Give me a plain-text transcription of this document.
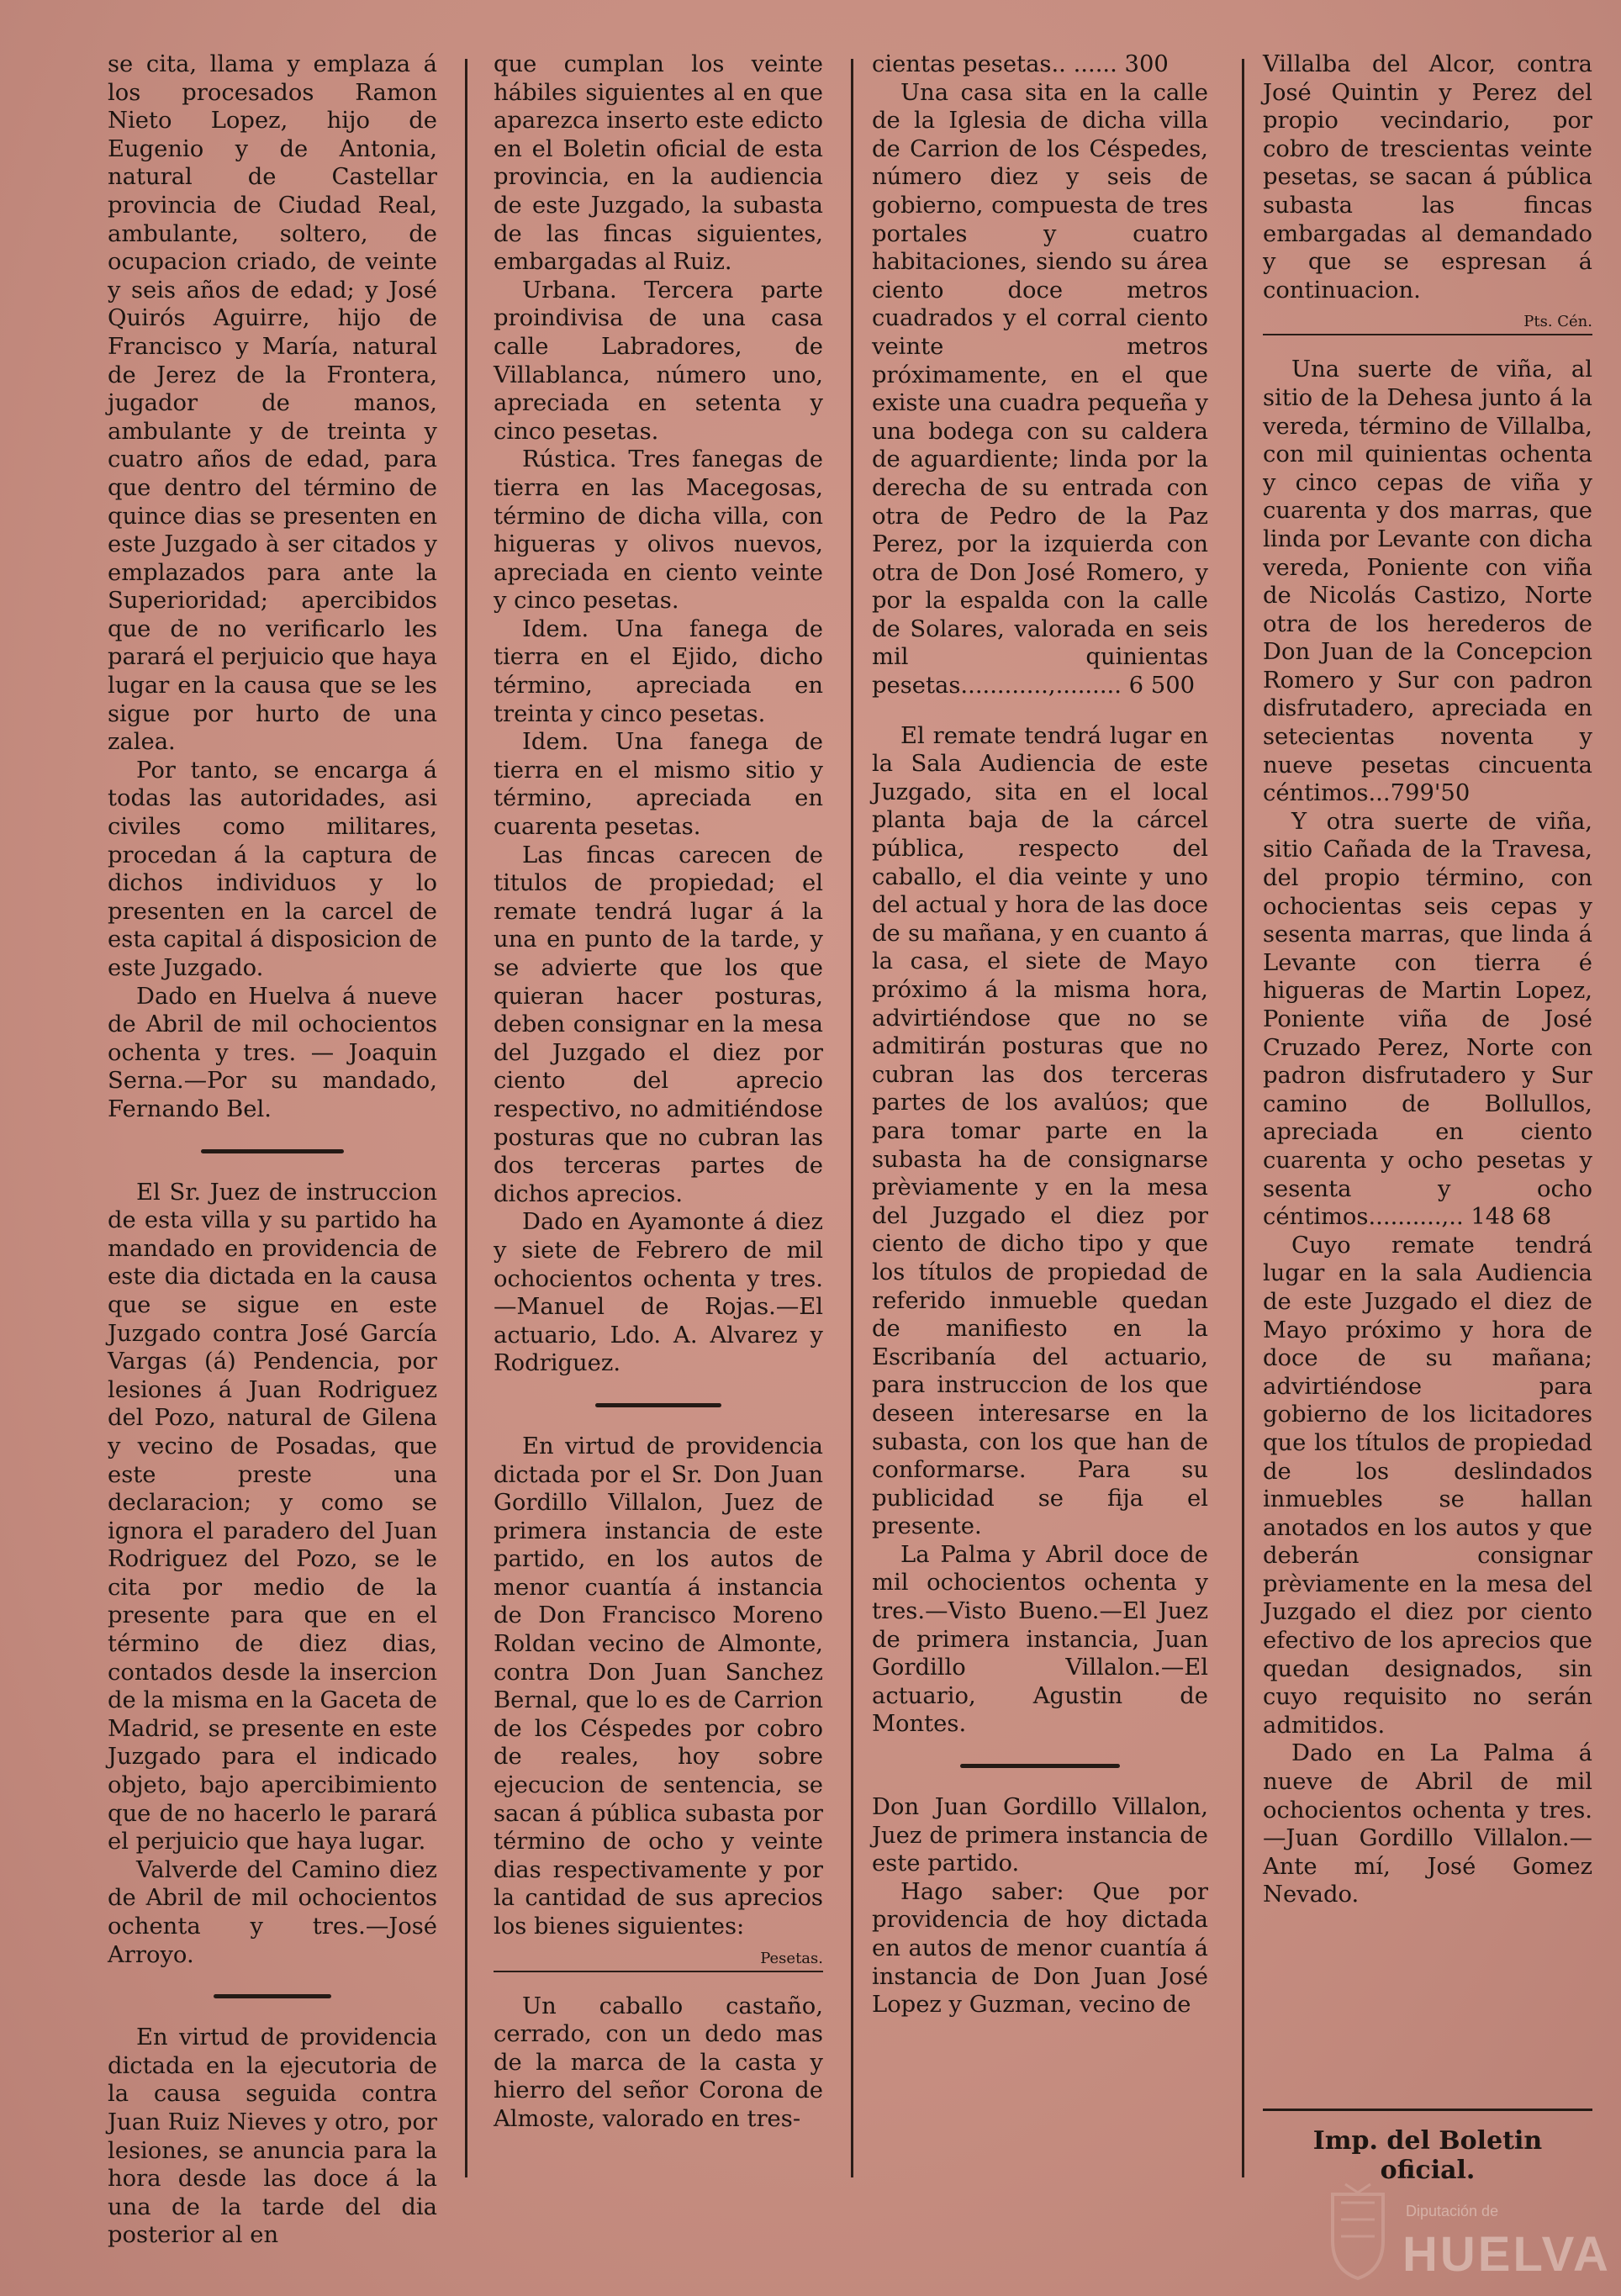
se cita, llama y emplaza á los procesados Ramon Nieto Lopez, hijo de Eugenio y de Antonia, natural de Castellar provincia de Ciudad Real, ambulante, soltero, de ocupacion criado, de veinte y seis años de edad; y José Quirós Aguirre, hijo de Francisco y María, natural de Jerez de la Frontera, jugador de manos, ambulante y de treinta y cuatro años de edad, para que dentro del término de quince dias se presenten en este Juzgado à ser citados y emplazados para ante la Superioridad; apercibidos que de no verificarlo les parará el perjuicio que haya lugar en la causa que se les sigue por hurto de una zalea.

Por tanto, se encarga á todas las autoridades, asi civiles como militares, procedan á la captura de dichos individuos y lo presenten en la carcel de esta capital á disposicion de este Juzgado.

Dado en Huelva á nueve de Abril de mil ochocientos ochenta y tres. — Joaquin Serna.—Por su mandado, Fernando Bel.

El Sr. Juez de instruccion de esta villa y su partido ha mandado en providencia de este dia dictada en la causa que se sigue en este Juzgado contra José García Vargas (á) Pendencia, por lesiones á Juan Rodriguez del Pozo, natural de Gilena y vecino de Posadas, que este preste una declaracion; y como se ignora el paradero del Juan Rodriguez del Pozo, se le cita por medio de la presente para que en el término de diez dias, contados desde la insercion de la misma en la Gaceta de Madrid, se presente en este Juzgado para el indicado objeto, bajo apercibimiento que de no hacerlo le parará el perjuicio que haya lugar.

Valverde del Camino diez de Abril de mil ochocientos ochenta y tres.—José Arroyo.

En virtud de providencia dictada en la ejecutoria de la causa seguida contra Juan Ruiz Nieves y otro, por lesiones, se anuncia para la hora desde las doce á la una de la tarde del dia posterior al en

que cumplan los veinte hábiles siguientes al en que aparezca inserto este edicto en el Boletin oficial de esta provincia, en la audiencia de este Juzgado, la subasta de las fincas siguientes, embargadas al Ruiz.

Urbana. Tercera parte proindivisa de una casa calle Labradores, de Villablanca, número uno, apreciada en setenta y cinco pesetas.

Rústica. Tres fanegas de tierra en las Macegosas, término de dicha villa, con higueras y olivos nuevos, apreciada en ciento veinte y cinco pesetas.

Idem. Una fanega de tierra en el Ejido, dicho término, apreciada en treinta y cinco pesetas.

Idem. Una fanega de tierra en el mismo sitio y término, apreciada en cuarenta pesetas.

Las fincas carecen de titulos de propiedad; el remate tendrá lugar á la una en punto de la tarde, y se advierte que los que quieran hacer posturas, deben consignar en la mesa del Juzgado el diez por ciento del aprecio respectivo, no admitiéndose posturas que no cubran las dos terceras partes de dichos aprecios.

Dado en Ayamonte á diez y siete de Febrero de mil ochocientos ochenta y tres.—Manuel de Rojas.—El actuario, Ldo. A. Alvarez y Rodriguez.

En virtud de providencia dictada por el Sr. Don Juan Gordillo Villalon, Juez de primera instancia de este partido, en los autos de menor cuantía á instancia de Don Francisco Moreno Roldan vecino de Almonte, contra Don Juan Sanchez Bernal, que lo es de Carrion de los Céspedes por cobro de reales, hoy sobre ejecucion de sentencia, se sacan á pública subasta por término de ocho y veinte dias respectivamente y por la cantidad de sus aprecios los bienes siguientes:

Pesetas.

Un caballo castaño, cerrado, con un dedo mas de la marca de la casta y hierro del señor Corona de Almoste, valorado en tres-

cientas pesetas.. ...... 300

Una casa sita en la calle de la Iglesia de dicha villa de Carrion de los Céspedes, número diez y seis de gobierno, compuesta de tres portales y cuatro habitaciones, siendo su área ciento doce metros cuadrados y el corral ciento veinte metros próximamente, en el que existe una cuadra pequeña y una bodega con su caldera de aguardiente; linda por la derecha de su entrada con otra de Pedro de la Paz Perez, por la izquierda con otra de Don José Romero, y por la espalda con la calle de Solares, valorada en seis mil quinientas pesetas............,......... 6 500

El remate tendrá lugar en la Sala Audiencia de este Juzgado, sita en el local planta baja de la cárcel pública, respecto del caballo, el dia veinte y uno del actual y hora de las doce de su mañana, y en cuanto á la casa, el siete de Mayo próximo á la misma hora, advirtiéndose que no se admitirán posturas que no cubran las dos terceras partes de los avalúos; que para tomar parte en la subasta ha de consignarse prèviamente y en la mesa del Juzgado el diez por ciento de dicho tipo y que los títulos de propiedad de referido inmueble quedan de manifiesto en la Escribanía del actuario, para instruccion de los que deseen interesarse en la subasta, con los que han de conformarse. Para su publicidad se fija el presente.

La Palma y Abril doce de mil ochocientos ochenta y tres.—Visto Bueno.—El Juez de primera instancia, Juan Gordillo Villalon.—El actuario, Agustin de Montes.

Don Juan Gordillo Villalon, Juez de primera instancia de este partido.

Hago saber: Que por providencia de hoy dictada en autos de menor cuantía á instancia de Don Juan José Lopez y Guzman, vecino de

Villalba del Alcor, contra José Quintin y Perez del propio vecindario, por cobro de trescientas veinte pesetas, se sacan á pública subasta las fincas embargadas al demandado y que se espresan á continuacion.

Pts. Cén.

Una suerte de viña, al sitio de la Dehesa junto á la vereda, término de Villalba, con mil quinientas ochenta y cinco cepas de viña y cuarenta y dos marras, que linda por Levante con dicha vereda, Poniente con viña de Nicolás Castizo, Norte otra de los herederos de Don Juan de la Concepcion Romero y Sur con padron disfrutadero, apreciada en setecientas noventa y nueve pesetas cincuenta céntimos...799'50

Y otra suerte de viña, sitio Cañada de la Travesa, del propio término, con ochocientas seis cepas y sesenta marras, que linda á Levante con tierra é higueras de Martin Lopez, Poniente viña de José Cruzado Perez, Norte con padron disfrutadero y Sur camino de Bollullos, apreciada en ciento cuarenta y ocho pesetas y sesenta y ocho céntimos..........,.. 148 68

Cuyo remate tendrá lugar en la sala Audiencia de este Juzgado el diez de Mayo próximo y hora de doce de su mañana; advirtiéndose para gobierno de los licitadores que los títulos de propiedad de los deslindados inmuebles se hallan anotados en los autos y que deberán consignar prèviamente en la mesa del Juzgado el diez por ciento efectivo de los aprecios que quedan designados, sin cuyo requisito no serán admitidos.

Dado en La Palma á nueve de Abril de mil ochocientos ochenta y tres.—Juan Gordillo Villalon.—Ante mí, José Gomez Nevado.

Imp. del Boletin oficial.
Diputación de
HUELVA
